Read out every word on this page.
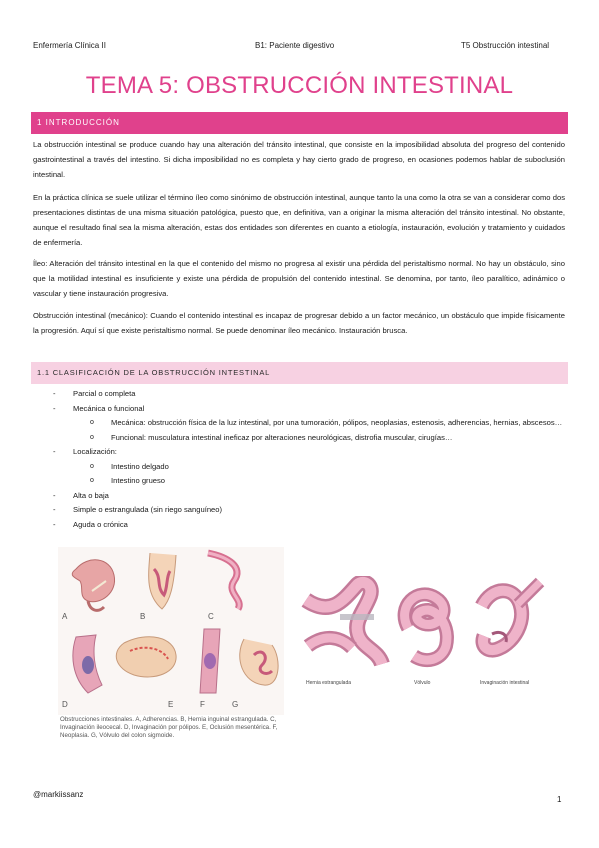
Enfermería Clínica II	B1: Paciente digestivo	T5 Obstrucción intestinal
TEMA 5: OBSTRUCCIÓN INTESTINAL
1 INTRODUCCIÓN
La obstrucción intestinal se produce cuando hay una alteración del tránsito intestinal, que consiste en la imposibilidad absoluta del progreso del contenido gastrointestinal a través del intestino. Si dicha imposibilidad no es completa y hay cierto grado de progreso, en ocasiones podemos hablar de suboclusión intestinal.
En la práctica clínica se suele utilizar el término íleo como sinónimo de obstrucción intestinal, aunque tanto la una como la otra se van a considerar como dos presentaciones distintas de una misma situación patológica, puesto que, en definitiva, van a originar la misma alteración del tránsito intestinal. No obstante, aunque el resultado final sea la misma alteración, estas dos entidades son diferentes en cuanto a etiología, instauración, evolución y tratamiento y cuidados de enfermería.
Íleo: Alteración del tránsito intestinal en la que el contenido del mismo no progresa al existir una pérdida del peristaltismo normal. No hay un obstáculo, sino que la motilidad intestinal es insuficiente y existe una pérdida de propulsión del contenido intestinal. Se denomina, por tanto, íleo paralítico, adinámico o vascular y tiene instauración progresiva.
Obstrucción intestinal (mecánico): Cuando el contenido intestinal es incapaz de progresar debido a un factor mecánico, un obstáculo que impide físicamente la progresión. Aquí sí que existe peristaltismo normal. Se puede denominar íleo mecánico. Instauración brusca.
1.1 CLASIFICACIÓN DE LA OBSTRUCCIÓN INTESTINAL
- Parcial o completa
- Mecánica o funcional
o Mecánica: obstrucción física de la luz intestinal, por una tumoración, pólipos, neoplasias, estenosis, adherencias, hernias, abscesos…
o Funcional: musculatura intestinal ineficaz por alteraciones neurológicas, distrofia muscular, cirugías…
- Localización:
o Intestino delgado
o Intestino grueso
- Alta o baja
- Simple o estrangulada (sin riego sanguíneo)
- Aguda o crónica
A	B	C
D	E	F	G
Obstrucciones intestinales. A, Adherencias. B, Hernia inguinal estrangulada. C, Invaginación ileocecal. D, Invaginación por pólipos. E, Oclusión mesentérica. F, Neoplasia. G, Vólvulo del colon sigmoide.
Hernia estrangulada	Vólvulo	Invaginación intestinal
@markiissanz
1
